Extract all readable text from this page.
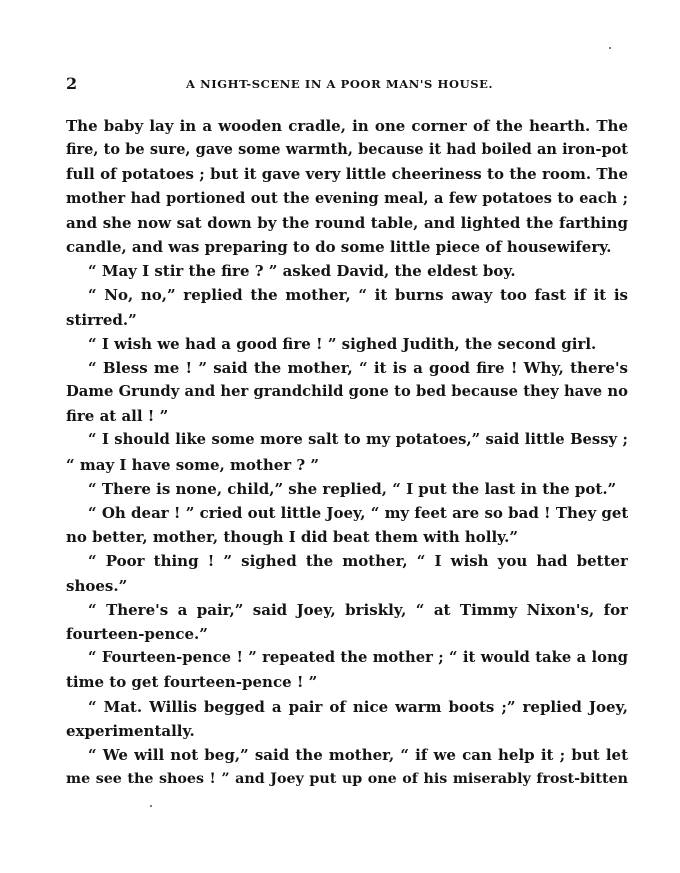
2	A NIGHT-SCENE IN A POOR MAN'S HOUSE.
The baby lay in a wooden cradle, in one corner of the hearth. The
fire, to be sure, gave some warmth, because it had boiled an iron-pot
full of potatoes ; but it gave very little cheeriness to the room. The
mother had portioned out the evening meal, a few potatoes to each ;
and she now sat down by the round table, and lighted the farthing
candle, and was preparing to do some little piece of housewifery.
“ May I stir the fire ? ” asked David, the eldest boy.
“ No, no,” replied the mother, “ it burns away too fast if it is
stirred.”
“ I wish we had a good fire ! ” sighed Judith, the second girl.
“ Bless me ! ” said the mother, “ it is a good fire ! Why, there's
Dame Grundy and her grandchild gone to bed because they have no
fire at all ! ”
“ I should like some more salt to my potatoes,” said little Bessy ;
“ may I have some, mother ? ”
“ There is none, child,” she replied, “ I put the last in the pot.”
“ Oh dear ! ” cried out little Joey, “ my feet are so bad ! They get
no better, mother, though I did beat them with holly.”
“ Poor thing ! ” sighed the mother, “ I wish you had better
shoes.”
“ There's a pair,” said Joey, briskly, “ at Timmy Nixon's, for
fourteen-pence.”
“ Fourteen-pence ! ” repeated the mother ; “ it would take a long
time to get fourteen-pence ! ”
“ Mat. Willis begged a pair of nice warm boots ;” replied Joey,
experimentally.
“ We will not beg,” said the mother, “ if we can help it ; but let
me see the shoes ! ” and Joey put up one of his miserably frost-bitten
